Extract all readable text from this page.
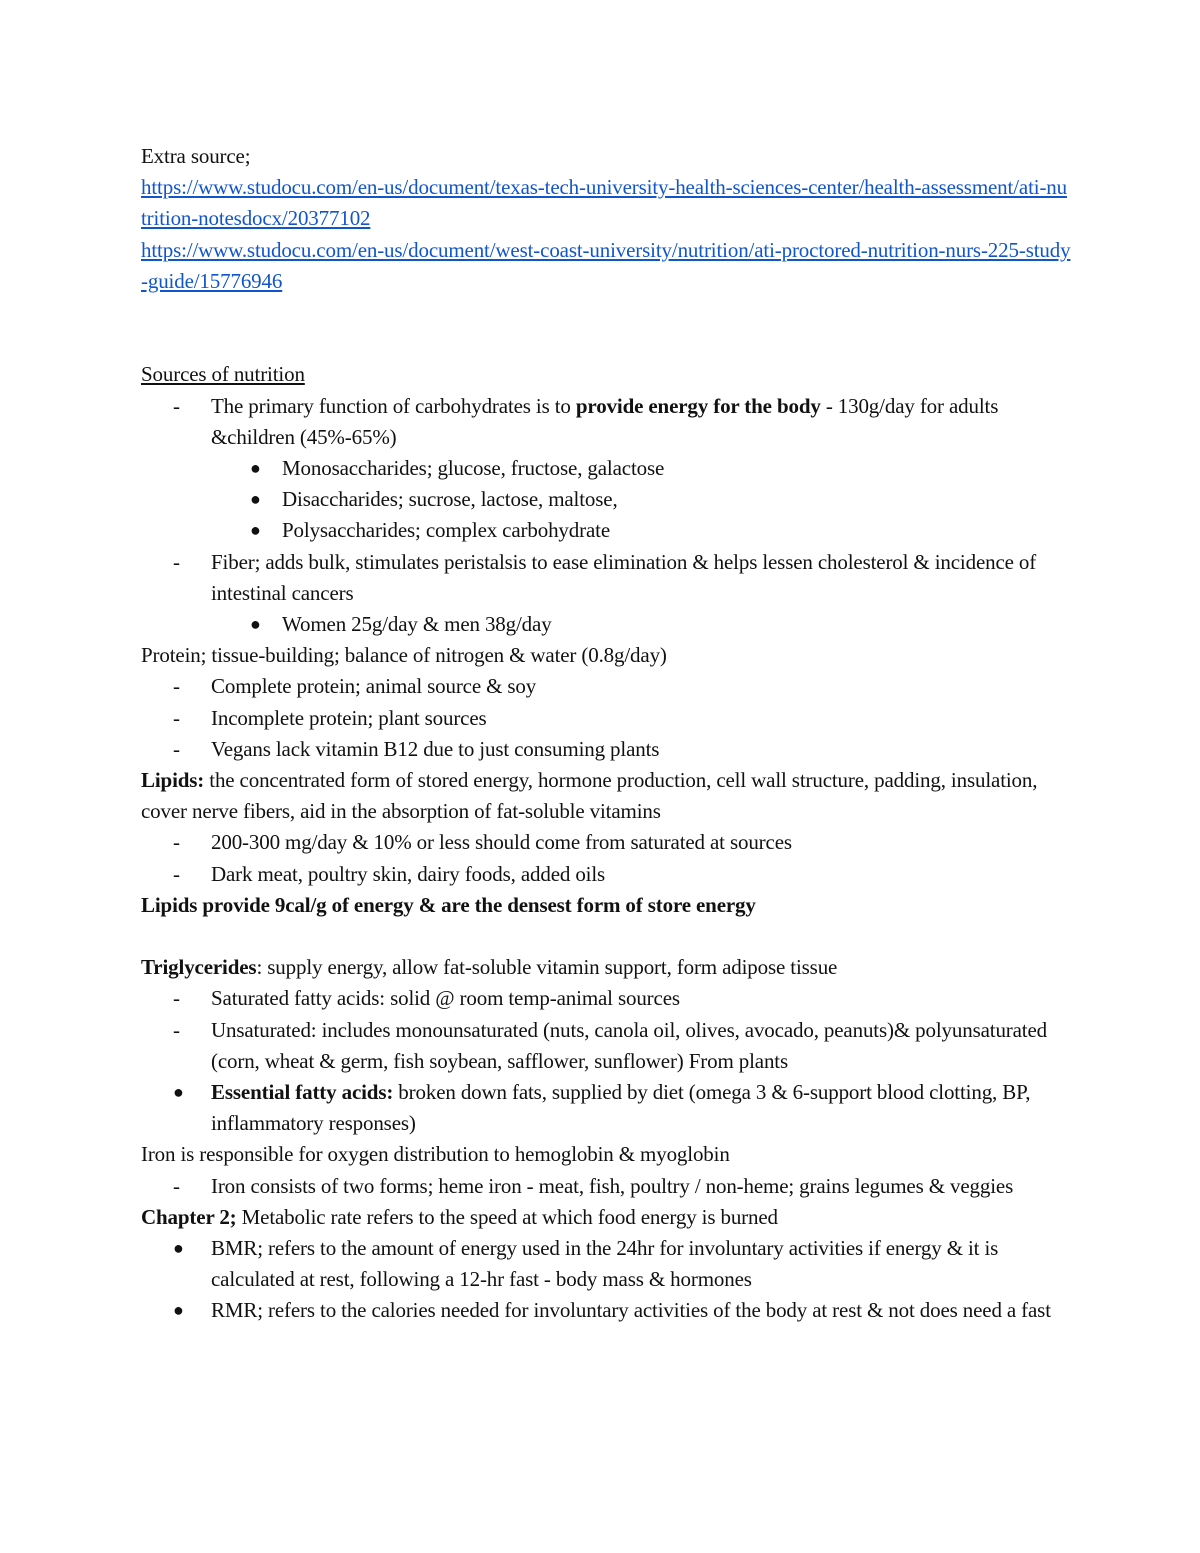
Extra source;

https://www.studocu.com/en-us/document/texas-tech-university-health-sciences-center/health-assessment/ati-nutrition-notesdocx/20377102
https://www.studocu.com/en-us/document/west-coast-university/nutrition/ati-proctored-nutrition-nurs-225-study-guide/15776946

Sources of nutrition

- The primary function of carbohydrates is to provide energy for the body - 130g/day for adults &children (45%-65%)
● Monosaccharides; glucose, fructose, galactose
● Disaccharides; sucrose, lactose, maltose,
● Polysaccharides; complex carbohydrate
- Fiber; adds bulk, stimulates peristalsis to ease elimination & helps lessen cholesterol & incidence of intestinal cancers
● Women 25g/day & men 38g/day

Protein; tissue-building; balance of nitrogen & water (0.8g/day)

- Complete protein; animal source & soy
- Incomplete protein; plant sources
- Vegans lack vitamin B12 due to just consuming plants

Lipids: the concentrated form of stored energy, hormone production, cell wall structure, padding, insulation, cover nerve fibers, aid in the absorption of fat-soluble vitamins

- 200-300 mg/day & 10% or less should come from saturated at sources
- Dark meat, poultry skin, dairy foods, added oils

Lipids provide 9cal/g of energy & are the densest form of store energy

Triglycerides: supply energy, allow fat-soluble vitamin support, form adipose tissue

- Saturated fatty acids: solid @ room temp-animal sources
- Unsaturated: includes monounsaturated (nuts, canola oil, olives, avocado, peanuts)& polyunsaturated (corn, wheat & germ, fish soybean, safflower, sunflower) From plants
● Essential fatty acids: broken down fats, supplied by diet (omega 3 & 6-support blood clotting, BP, inflammatory responses)

Iron is responsible for oxygen distribution to hemoglobin & myoglobin

- Iron consists of two forms; heme iron - meat, fish, poultry / non-heme; grains legumes & veggies

Chapter 2; Metabolic rate refers to the speed at which food energy is burned

● BMR; refers to the amount of energy used in the 24hr for involuntary activities if energy & it is calculated at rest, following a 12-hr fast - body mass & hormones
● RMR; refers to the calories needed for involuntary activities of the body at rest & not does need a fast
